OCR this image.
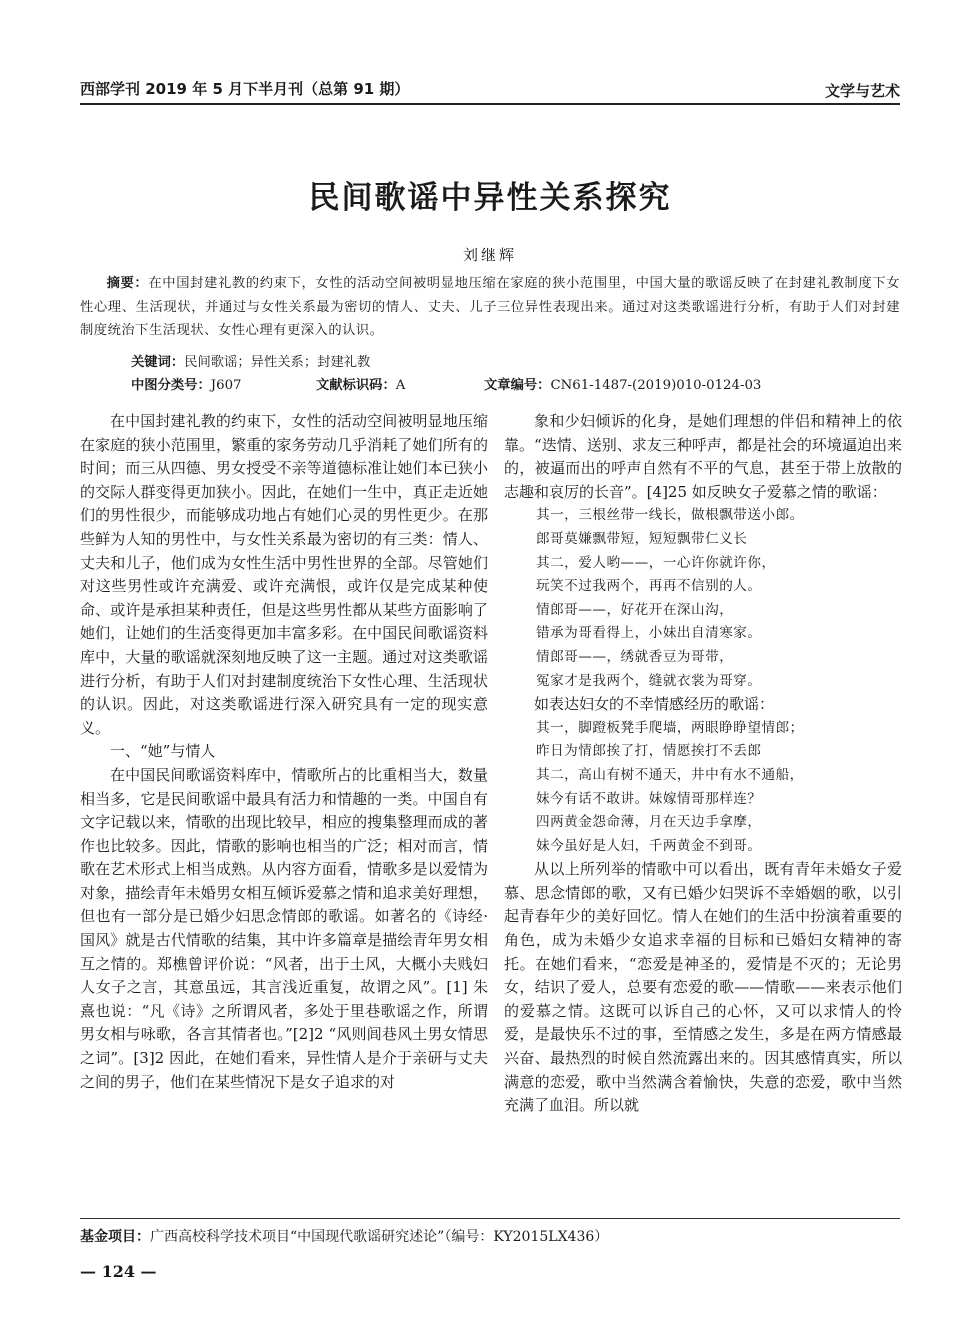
西部学刊 2019 年 5 月下半月刊（总第 91 期）	文学与艺术
民间歌谣中异性关系探究
刘继辉
摘要：在中国封建礼教的约束下，女性的活动空间被明显地压缩在家庭的狭小范围里，中国大量的歌谣反映了在封建礼教制度下女性心理、生活现状，并通过与女性关系最为密切的情人、丈夫、儿子三位异性表现出来。通过对这类歌谣进行分析，有助于人们对封建制度统治下生活现状、女性心理有更深入的认识。
关键词：民间歌谣；异性关系；封建礼教
中图分类号：J607	文献标识码：A	文章编号：CN61-1487-(2019)010-0124-03

在中国封建礼教的约束下，女性的活动空间被明显地压缩在家庭的狭小范围里，繁重的家务劳动几乎消耗了她们所有的时间；而三从四德、男女授受不亲等道德标准让她们本已狭小的交际人群变得更加狭小。因此，在她们一生中，真正走近她们的男性很少，而能够成功地占有她们心灵的男性更少。在那些鲜为人知的男性中，与女性关系最为密切的有三类：情人、丈夫和儿子，他们成为女性生活中男性世界的全部。尽管她们对这些男性或许充满爱、或许充满恨，或许仅是完成某种使命、或许是承担某种责任，但是这些男性都从某些方面影响了她们，让她们的生活变得更加丰富多彩。在中国民间歌谣资料库中，大量的歌谣就深刻地反映了这一主题。通过对这类歌谣进行分析，有助于人们对封建制度统治下女性心理、生活现状的认识。因此，对这类歌谣进行深入研究具有一定的现实意义。

一、“她”与情人

在中国民间歌谣资料库中，情歌所占的比重相当大，数量相当多，它是民间歌谣中最具有活力和情趣的一类。中国自有文字记载以来，情歌的出现比较早，相应的搜集整理而成的著作也比较多。因此，情歌的影响也相当的广泛；相对而言，情歌在艺术形式上相当成熟。从内容方面看，情歌多是以爱情为对象，描绘青年未婚男女相互倾诉爱慕之情和追求美好理想，但也有一部分是已婚少妇思念情郎的歌谣。如著名的《诗经·国风》就是古代情歌的结集，其中许多篇章是描绘青年男女相互之情的。郑樵曾评价说：“风者，出于土风，大概小夫贱妇人女子之言，其意虽远，其言浅近重复，故谓之风”。[1] 朱熹也说：“凡《诗》之所谓风者，多处于里巷歌谣之作，所谓男女相与咏歌，各言其情者也。”[2]2 “风则闾巷风土男女情思之词”。[3]2 因此，在她们看来，异性情人是介于亲研与丈夫之间的男子，他们在某些情况下是女子追求的对

象和少妇倾诉的化身，是她们理想的伴侣和精神上的依靠。“迭情、送别、求友三种呼声，都是社会的环境逼迫出来的，被逼而出的呼声自然有不平的气息，甚至于带上放散的志趣和哀厉的长音”。[4]25 如反映女子爱慕之情的歌谣：

其一，三根丝带一线长，做根飘带送小郎。
郎哥莫嫌飘带短，短短飘带仁义长
其二，爱人哟——，一心许你就许你，
玩笑不过我两个，再再不信别的人。
情郎哥——，好花开在深山沟，
错承为哥看得上，小妹出自清寒家。
情郎哥——，绣就香豆为哥带，
冤家才是我两个，缝就衣裳为哥穿。

如表达妇女的不幸情感经历的歌谣：

其一，脚蹬板凳手爬墙，两眼睁睁望情郎；
昨日为情郎挨了打，情愿挨打不丢郎
其二，高山有树不通天，井中有水不通船，
妹今有话不敢讲。妹嫁情哥那样连？
四两黄金怨命薄，月在天边手拿摩，
妹今虽好是人妇，千两黄金不到哥。

从以上所列举的情歌中可以看出，既有青年未婚女子爱慕、思念情郎的歌，又有已婚少妇哭诉不幸婚姻的歌，以引起青春年少的美好回忆。情人在她们的生活中扮演着重要的角色，成为未婚少女追求幸福的目标和已婚妇女精神的寄托。在她们看来，“恋爱是神圣的，爱情是不灭的；无论男女，结识了爱人，总要有恋爱的歌——情歌——来表示他们的爱慕之情。这既可以诉自己的心怀，又可以求情人的怜爱，是最快乐不过的事，至情感之发生，多是在两方情感最兴奋、最热烈的时候自然流露出来的。因其感情真实，所以满意的恋爱，歌中当然满含着愉快，失意的恋爱，歌中当然充满了血泪。所以就

基金项目：广西高校科学技术项目“中国现代歌谣研究述论”（编号：KY2015LX436）
— 124 —
